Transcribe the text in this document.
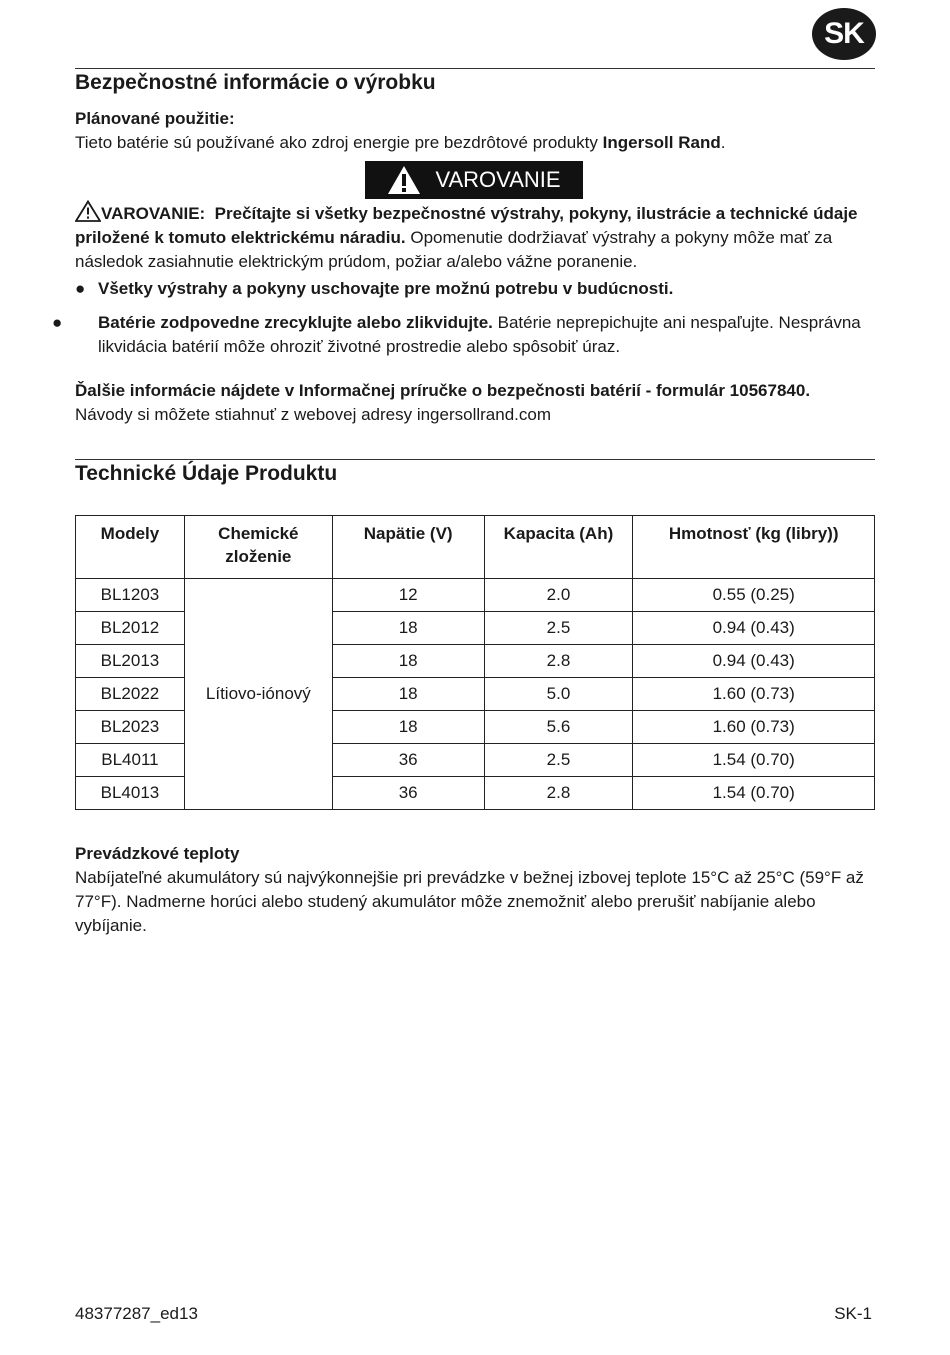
SK
Bezpečnostné informácie o výrobku
Plánované použitie:
Tieto batérie sú používané ako zdroj energie pre bezdrôtové produkty Ingersoll Rand.
VAROVANIE
VAROVANIE: Prečítajte si všetky bezpečnostné výstrahy, pokyny, ilustrácie a technické údaje priložené k tomuto elektrickému náradiu. Opomenutie dodržiavať výstrahy a pokyny môže mať za následok zasiahnutie elektrickým prúdom, požiar a/alebo vážne poranenie.
● Všetky výstrahy a pokyny uschovajte pre možnú potrebu v budúcnosti.
● Batérie zodpovedne zrecyklujte alebo zlikvidujte. Batérie neprepichujte ani nespaľujte. Nesprávna likvidácia batérií môže ohroziť životné prostredie alebo spôsobiť úraz.
Ďalšie informácie nájdete v Informačnej príručke o bezpečnosti batérií - formulár 10567840.
Návody si môžete stiahnuť z webovej adresy ingersollrand.com
Technické Údaje Produktu
Modely	Chemické zloženie	Napätie (V)	Kapacita (Ah)	Hmotnosť (kg (libry))
BL1203	Lítiovo-iónový	12	2.0	0.55 (0.25)
BL2012		18	2.5	0.94 (0.43)
BL2013		18	2.8	0.94 (0.43)
BL2022		18	5.0	1.60 (0.73)
BL2023		18	5.6	1.60 (0.73)
BL4011		36	2.5	1.54 (0.70)
BL4013		36	2.8	1.54 (0.70)
Prevádzkové teploty
Nabíjateľné akumulátory sú najvýkonnejšie pri prevádzke v bežnej izbovej teplote 15°C až 25°C (59°F až 77°F). Nadmerne horúci alebo studený akumulátor môže znemožniť alebo prerušiť nabíjanie alebo vybíjanie.
48377287_ed13	SK-1
